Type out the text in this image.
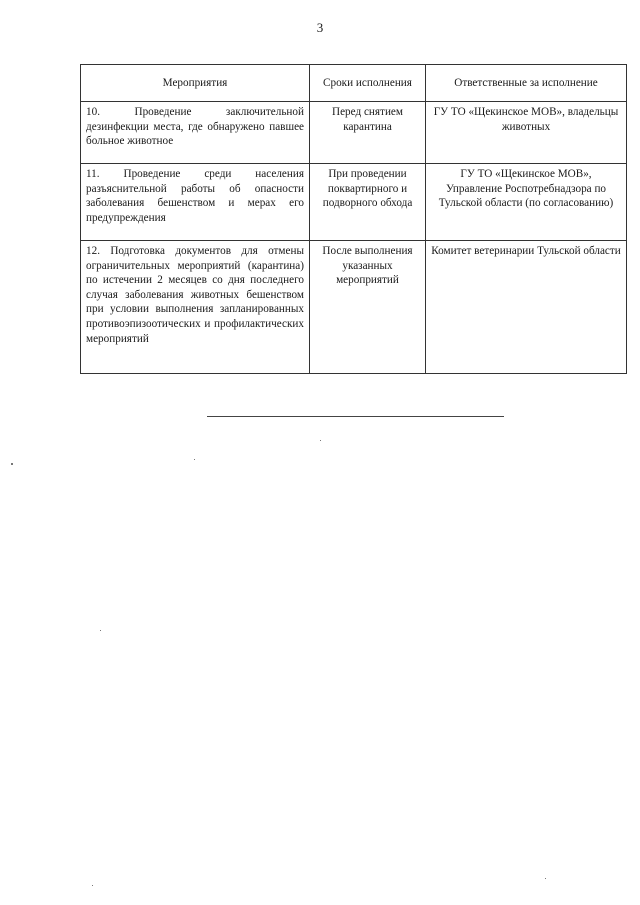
3
Мероприятия	Сроки исполнения	Ответственные за исполнение
10. Проведение заключительной дезинфекции места, где обнаружено павшее больное животное	Перед снятием карантина	ГУ ТО «Щекинское МОВ», владельцы животных
11. Проведение среди населения разъяснительной работы об опасности заболевания бешенством и мерах его предупреждения	При проведении поквартирного и подворного обхода	ГУ ТО «Щекинское МОВ», Управление Роспотребнадзора по Тульской области (по согласованию)
12. Подготовка документов для отмены ограничительных мероприятий (карантина) по истечении 2 месяцев со дня последнего случая заболевания животных бешенством при условии выполнения запланированных противоэпизоотических и профилактических мероприятий	После выполнения указанных мероприятий	Комитет ветеринарии Тульской области
